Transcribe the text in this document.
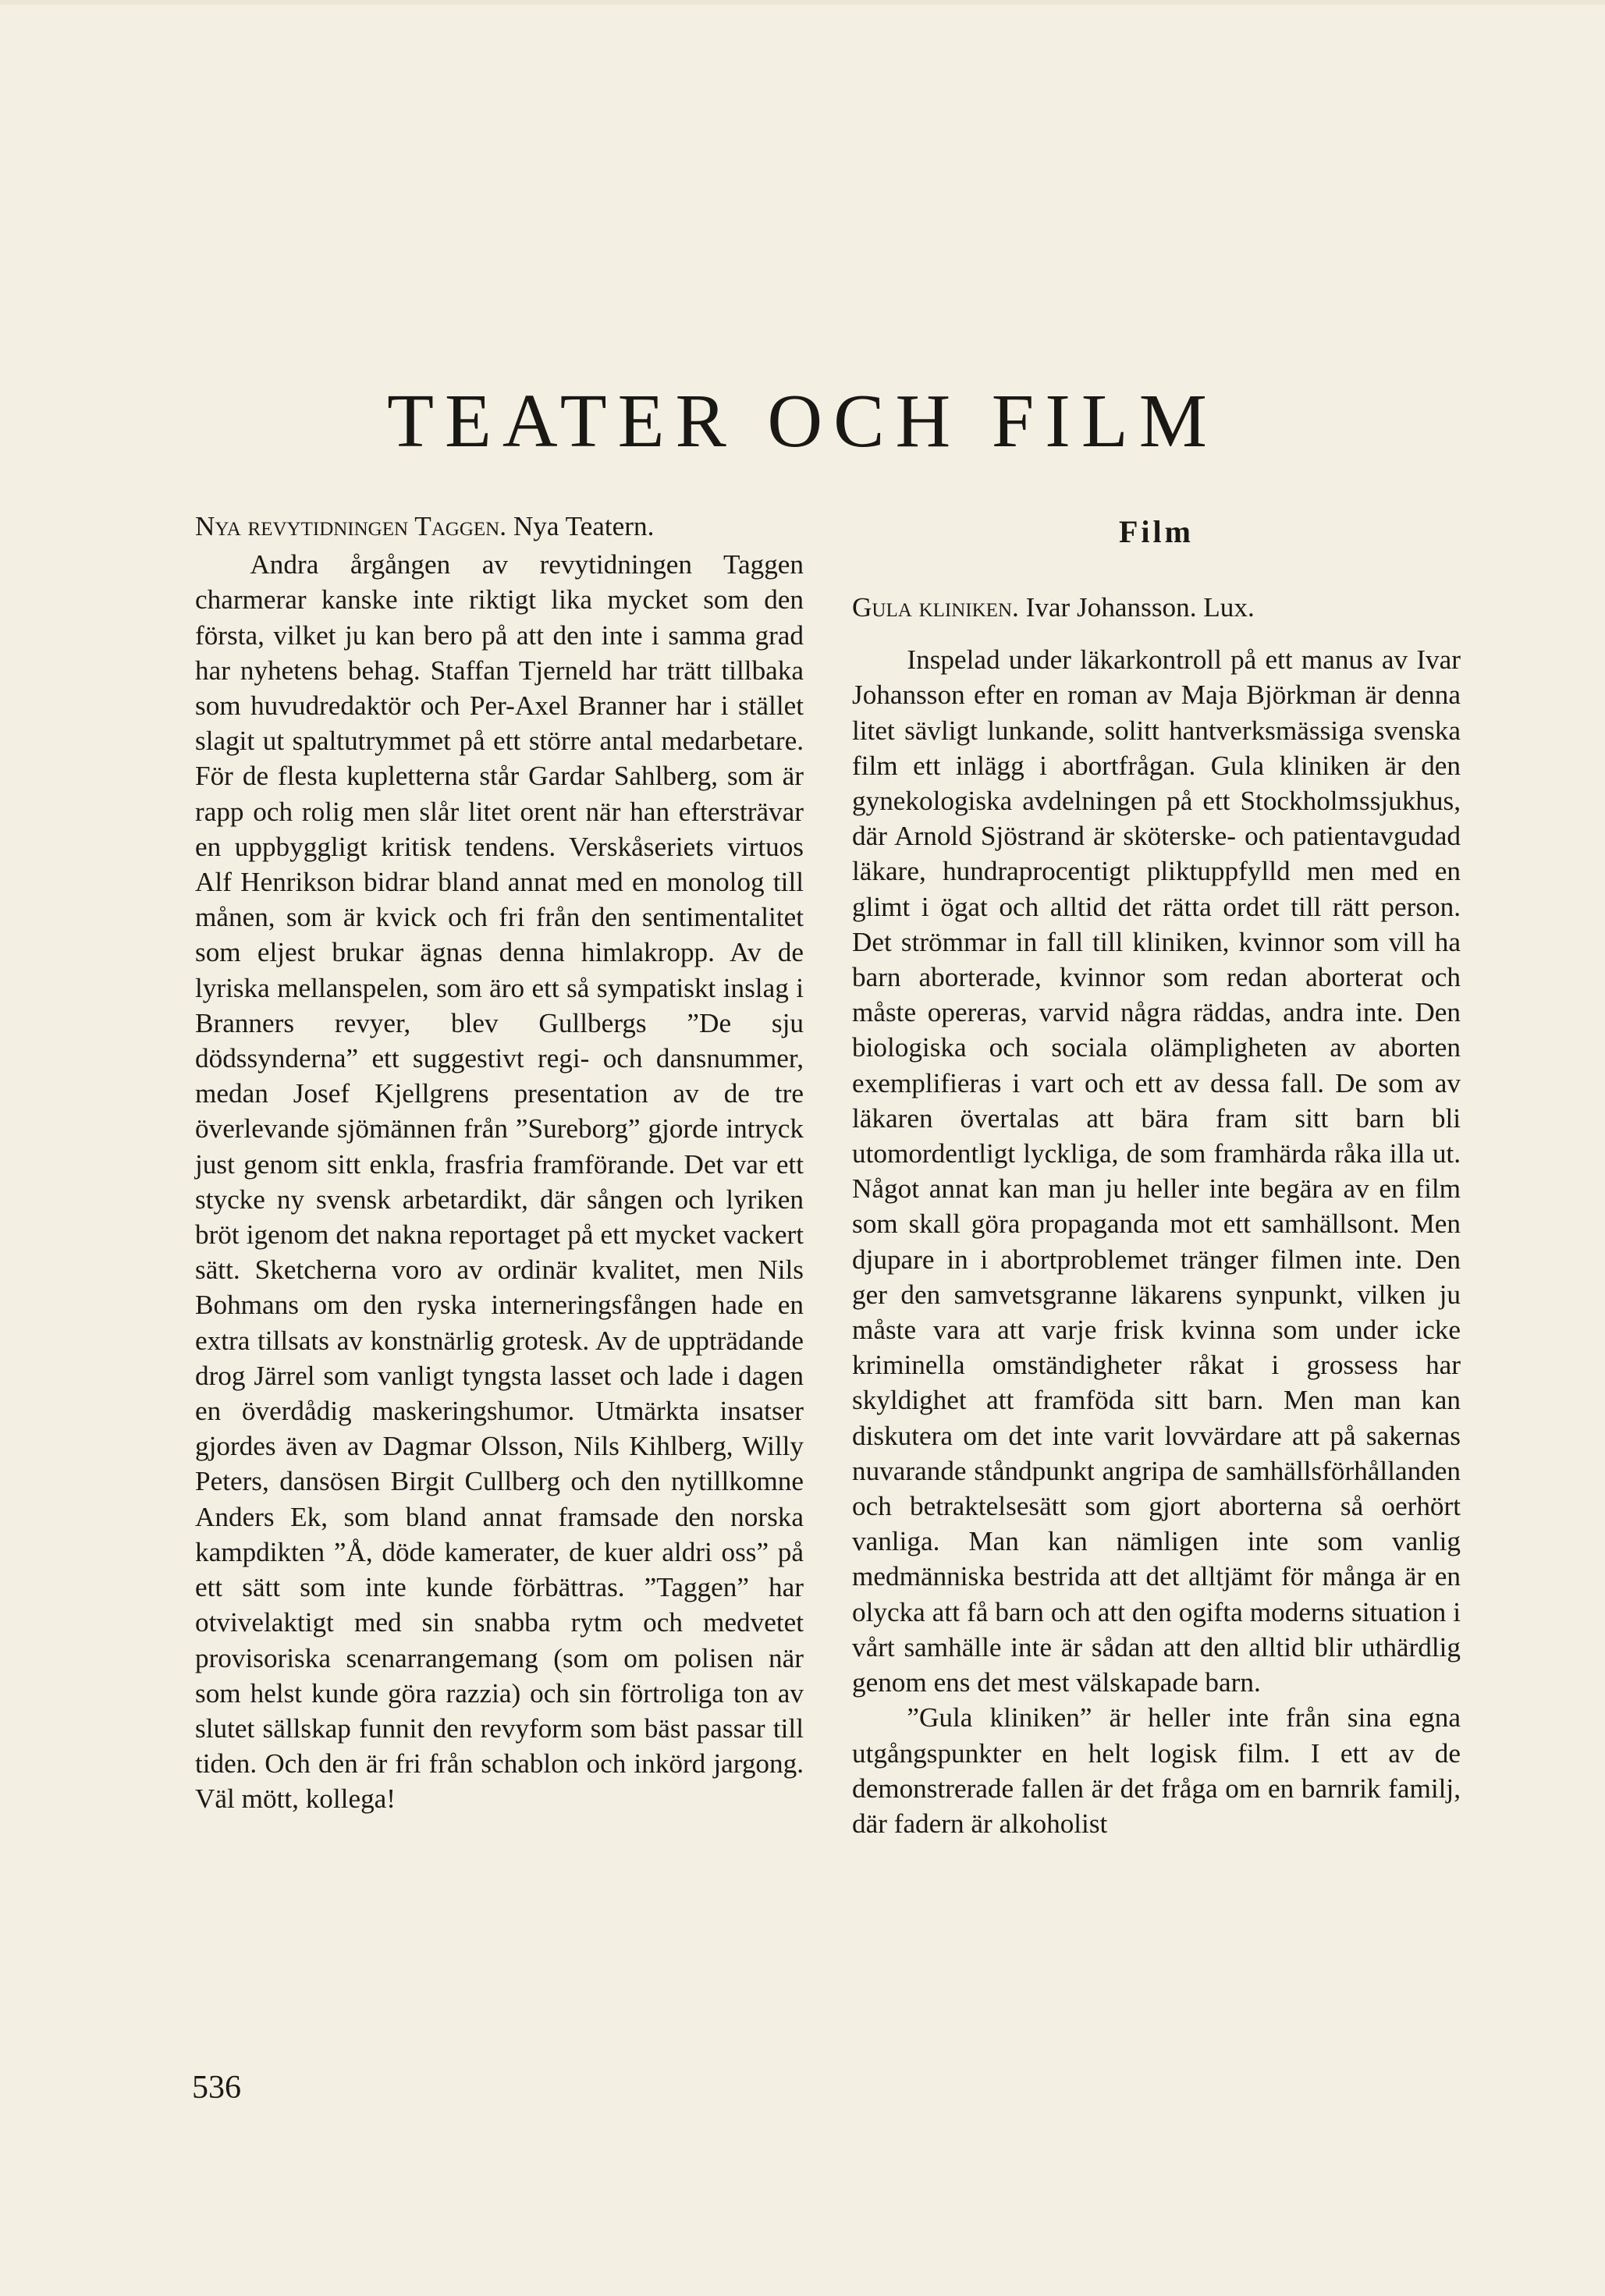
TEATER OCH FILM

Nya revytidningen Taggen. Nya Teatern.

Andra årgången av revytidningen Taggen charmerar kanske inte riktigt lika mycket som den första, vilket ju kan bero på att den inte i samma grad har nyhetens behag. Staffan Tjerneld har trätt tillbaka som huvudredaktör och Per-Axel Branner har i stället slagit ut spaltutrymmet på ett större antal medarbetare. För de flesta kupletterna står Gardar Sahlberg, som är rapp och rolig men slår litet orent när han eftersträvar en uppbyggligt kritisk tendens. Verskåseriets virtuos Alf Henrikson bidrar bland annat med en monolog till månen, som är kvick och fri från den sentimentalitet som eljest brukar ägnas denna himlakropp. Av de lyriska mellanspelen, som äro ett så sympatiskt inslag i Branners revyer, blev Gullbergs ”De sju dödssynderna” ett suggestivt regi- och dansnummer, medan Josef Kjellgrens presentation av de tre överlevande sjömännen från ”Sureborg” gjorde intryck just genom sitt enkla, frasfria framförande. Det var ett stycke ny svensk arbetardikt, där sången och lyriken bröt igenom det nakna reportaget på ett mycket vackert sätt. Sketcherna voro av ordinär kvalitet, men Nils Bohmans om den ryska interneringsfången hade en extra tillsats av konstnärlig grotesk. Av de uppträdande drog Järrel som vanligt tyngsta lasset och lade i dagen en överdådig maskeringshumor. Utmärkta insatser gjordes även av Dagmar Olsson, Nils Kihlberg, Willy Peters, dansösen Birgit Cullberg och den nytillkomne Anders Ek, som bland annat framsade den norska kampdikten ”Å, döde kamerater, de kuer aldri oss” på ett sätt som inte kunde förbättras. ”Taggen” har otvivelaktigt med sin snabba rytm och medvetet provisoriska scenarrangemang (som om polisen när som helst kunde göra razzia) och sin förtroliga ton av slutet sällskap funnit den revyform som bäst passar till tiden. Och den är fri från schablon och inkörd jargong. Väl mött, kollega!

Film

Gula kliniken. Ivar Johansson. Lux.

Inspelad under läkarkontroll på ett manus av Ivar Johansson efter en roman av Maja Björkman är denna litet sävligt lunkande, solitt hantverksmässiga svenska film ett inlägg i abortfrågan. Gula kliniken är den gynekologiska avdelningen på ett Stockholmssjukhus, där Arnold Sjöstrand är sköterske- och patientavgudad läkare, hundraprocentigt pliktuppfylld men med en glimt i ögat och alltid det rätta ordet till rätt person. Det strömmar in fall till kliniken, kvinnor som vill ha barn aborterade, kvinnor som redan aborterat och måste opereras, varvid några räddas, andra inte. Den biologiska och sociala olämpligheten av aborten exemplifieras i vart och ett av dessa fall. De som av läkaren övertalas att bära fram sitt barn bli utomordentligt lyckliga, de som framhärda råka illa ut. Något annat kan man ju heller inte begära av en film som skall göra propaganda mot ett samhällsont. Men djupare in i abortproblemet tränger filmen inte. Den ger den samvetsgranne läkarens synpunkt, vilken ju måste vara att varje frisk kvinna som under icke kriminella omständigheter råkat i grossess har skyldighet att framföda sitt barn. Men man kan diskutera om det inte varit lovvärdare att på sakernas nuvarande ståndpunkt angripa de samhällsförhållanden och betraktelsesätt som gjort aborterna så oerhört vanliga. Man kan nämligen inte som vanlig medmänniska bestrida att det alltjämt för många är en olycka att få barn och att den ogifta moderns situation i vårt samhälle inte är sådan att den alltid blir uthärdlig genom ens det mest välskapade barn.

”Gula kliniken” är heller inte från sina egna utgångspunkter en helt logisk film. I ett av de demonstrerade fallen är det fråga om en barnrik familj, där fadern är alkoholist

536
